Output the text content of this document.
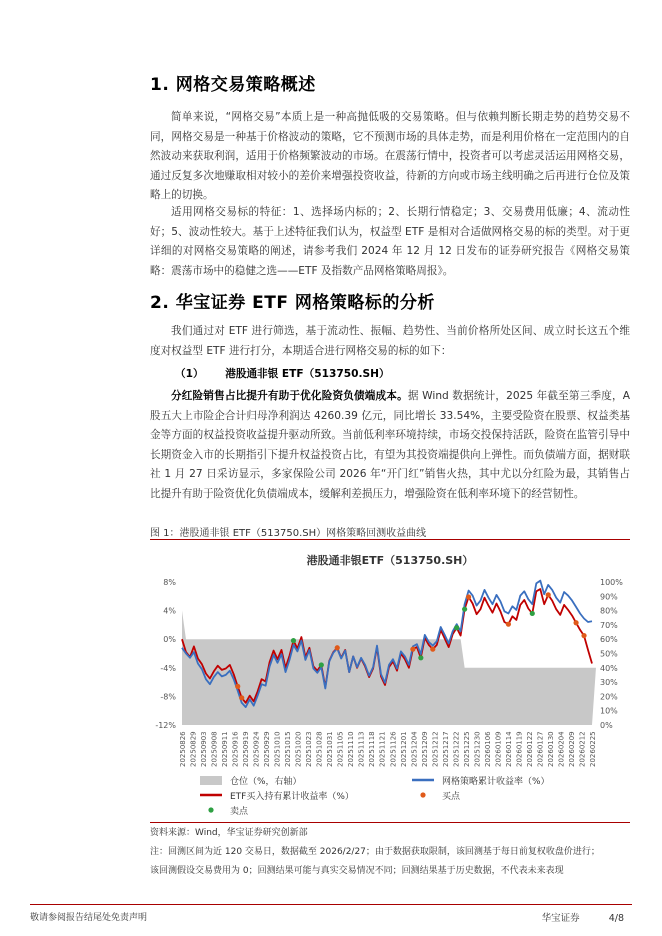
1. 网格交易策略概述
简单来说，“网格交易”本质上是一种高抛低吸的交易策略。但与依赖判断长期走势的趋势交易不同，网格交易是一种基于价格波动的策略，它不预测市场的具体走势，而是利用价格在一定范围内的自然波动来获取利润，适用于价格频繁波动的市场。在震荡行情中，投资者可以考虑灵活运用网格交易，通过反复多次地赚取相对较小的差价来增强投资收益，待新的方向或市场主线明确之后再进行仓位及策略上的切换。
适用网格交易标的特征：1、选择场内标的；2、长期行情稳定；3、交易费用低廉；4、流动性好；5、波动性较大。基于上述特征我们认为，权益型 ETF 是相对合适做网格交易的标的类型。对于更详细的对网格交易策略的阐述，请参考我们 2024 年 12 月 12 日发布的证券研究报告《网格交易策略：震荡市场中的稳健之选——ETF 及指数产品网格策略周报》。
2. 华宝证券 ETF 网格策略标的分析
我们通过对 ETF 进行筛选，基于流动性、振幅、趋势性、当前价格所处区间、成立时长这五个维度对权益型 ETF 进行打分，本期适合进行网格交易的标的如下：
（1） 港股通非银 ETF（513750.SH）
分红险销售占比提升有助于优化险资负债端成本。据 Wind 数据统计，2025 年截至第三季度，A 股五大上市险企合计归母净利润达 4260.39 亿元，同比增长 33.54%，主要受险资在股票、权益类基金等方面的权益投资收益提升驱动所致。当前低利率环境持续，市场交投保持活跃，险资在监管引导中长期资金入市的长期指引下提升权益投资占比，有望为其投资端提供向上弹性。而负债端方面，据财联社 1 月 27 日采访显示，多家保险公司 2026 年“开门红”销售火热，其中尤以分红险为最，其销售占比提升有助于险资优化负债端成本，缓解利差损压力，增强险资在低利率环境下的经营韧性。
图 1：港股通非银 ETF（513750.SH）网格策略回测收益曲线
港股通非银ETF（513750.SH）
8%
4%
0%
-4%
-8%
-12%
100%
90%
80%
70%
60%
50%
40%
30%
20%
10%
0%
20250826 20250829 20250903 20250908 20250911 20250916 20250919 20250924 20250929 20251010 20251015 20251020 20251023 20251028 20251031 20251105 20251110 20251113 20251118 20251121 20251126 20251201 20251204 20251209 20251212 20251217 20251222 20251225 20251230 20260106 20260109 20260114 20260119 20260122 20260127 20260130 20260204 20260209 20260212 20260225
仓位（%，右轴）	网格策略累计收益率（%）
ETF买入持有累计收益率（%）	买点
卖点
资料来源：Wind，华宝证券研究创新部
注：回测区间为近 120 交易日，数据截至 2026/2/27；由于数据获取限制，该回测基于每日前复权收盘价进行；
该回测假设交易费用为 0；回测结果可能与真实交易情况不同；回测结果基于历史数据，不代表未来表现
敬请参阅报告结尾处免责声明	华宝证券	4/8
